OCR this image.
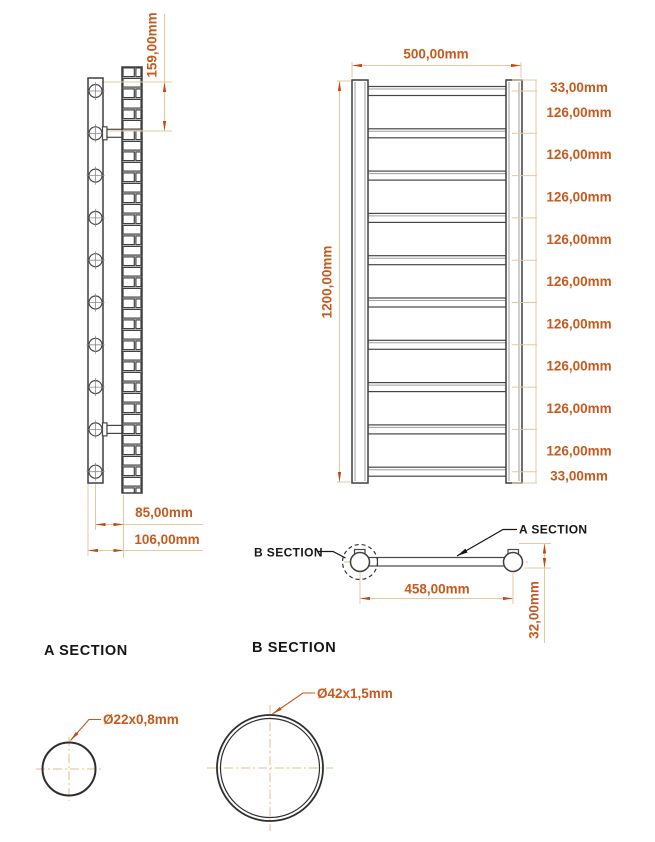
159,00mm
85,00mm
106,00mm
500,00mm
1200,00mm
33,00mm
126,00mm
126,00mm
126,00mm
126,00mm
126,00mm
126,00mm
126,00mm
126,00mm
126,00mm
33,00mm
A SECTION
B SECTION
458,00mm	32,00mm
A SECTION
Ø22x0,8mm
B SECTION
Ø42x1,5mm
